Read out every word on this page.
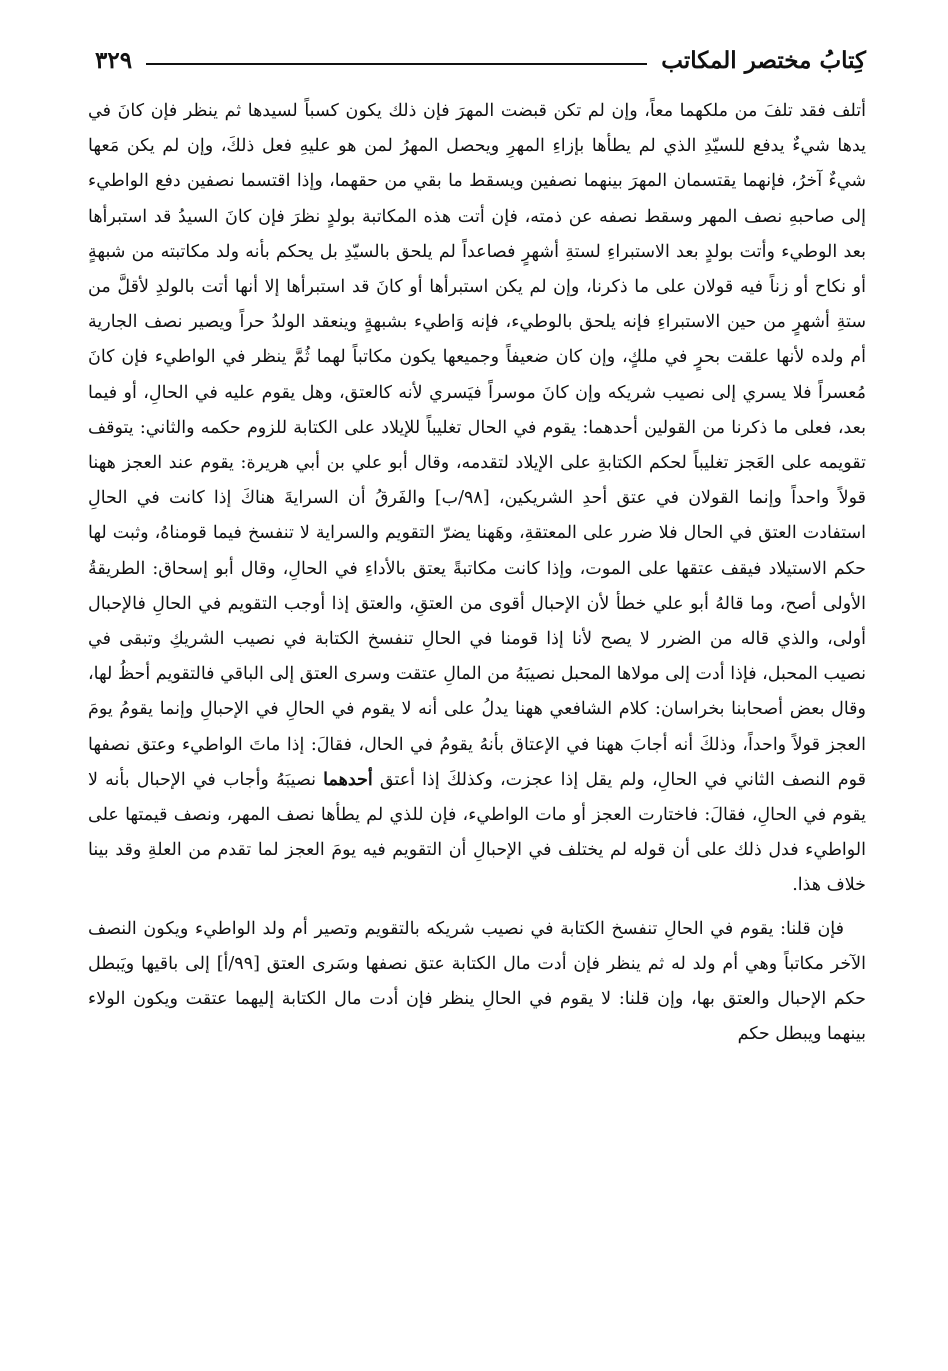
كِتابُ مختصر المكاتب
٣٢٩

أتلف فقد تلفَ من ملكهما معاً، وإن لم تكن قبضت المهرَ فإن ذلك يكون كسباً لسيدها ثم ينظر فإن كانَ في يدها شيءٌ يدفع للسيّدِ الذي لم يطأها بإزاءِ المهرِ ويحصل المهرُ لمن هو عليهِ فعل ذلكَ، وإن لم يكن مَعها شيءٌ آخرُ، فإنهما يقتسمان المهرَ بينهما نصفين ويسقط ما بقي من حقهما، وإذا اقتسما نصفين دفع الواطيء إلى صاحبهِ نصف المهر وسقط نصفه عن ذمته، فإن أتت هذه المكاتبة بولدٍ نظرَ فإن كانَ السيدُ قد استبرأها بعد الوطيء وأتت بولدٍ بعد الاستبراءِ لستةِ أشهرٍ فصاعداً لم يلحق بالسيّدِ بل يحكم بأنه ولد مكاتبته من شبهةٍ أو نكاح أو زناً فيه قولان على ما ذكرنا، وإن لم يكن استبرأها أو كانَ قد استبرأها إلا أنها أتت بالولدِ لأقلَّ من ستةِ أشهرٍ من حين الاستبراءِ فإنه يلحق بالوطيء، فإنه وَاطيء بشبهةٍ وينعقد الولدُ حراً ويصير نصف الجارية أم ولده لأنها علقت بحرٍ في ملكٍ، وإن كان ضعيفاً وجميعها يكون مكاتباً لهما ثُمَّ ينظر في الواطيء فإن كانَ مُعسراً فلا يسري إلى نصيب شريكه وإن كانَ موسراً فيَسري لأنه كالعتق، وهل يقوم عليه في الحالِ، أو فيما بعد، فعلى ما ذكرنا من القولين أحدهما: يقوم في الحال تغليباً للإيلاد على الكتابة للزوم حكمه والثاني: يتوقف تقويمه على العَجز تغليباً لحكم الكتابةِ على الإيلاد لتقدمه، وقال أبو علي بن أبي هريرة: يقوم عند العجز ههنا قولاً واحداً وإنما القولان في عتق أحدِ الشريكين، [٩٨/ب] والفَرقُ أن السرايةَ هناكَ إذا كانت في الحالِ استفادت العتق في الحال فلا ضرر على المعتقةِ، وهَهنا يضرّ التقويم والسراية لا تنفسخ فيما قومناهُ، وثبت لها حكم الاستيلاد فيقف عتقها على الموت، وإذا كانت مكاتبةً يعتق بالأداءِ في الحالِ، وقال أبو إسحاق: الطريقةُ الأولى أصح، وما قالهُ أبو علي خطأ لأن الإحبال أقوى من العتقِ، والعتق إذا أوجب التقويم في الحالِ فالإحبال أولى، والذي قاله من الضرر لا يصح لأنا إذا قومنا في الحالِ تنفسخ الكتابة في نصيب الشريكِ وتبقى في نصيب المحبل، فإذا أدت إلى مولاها المحبل نصيبَهُ من المالِ عتقت وسرى العتق إلى الباقي فالتقويم أحظُ لها، وقال بعض أصحابنا بخراسان: كلام الشافعي ههنا يدلُ على أنه لا يقوم في الحالِ في الإحبالِ وإنما يقومُ يومَ العجز قولاً واحداً، وذلكَ أنه أجابَ ههنا في الإعتاق بأنهُ يقومُ في الحال، فقالَ: إذا ماتَ الواطيء وعتق نصفها قوم النصف الثاني في الحالِ، ولم يقل إذا عجزت، وكذلكَ إذا أعتق أحدهما نصيبَهُ وأجاب في الإحبال بأنه لا يقوم في الحالِ، فقالَ: فاختارت العجز أو مات الواطيء، فإن للذي لم يطأها نصف المهر، ونصف قيمتها على الواطيء فدل ذلك على أن قوله لم يختلف في الإحبالِ أن التقويم فيه يومَ العجز لما تقدم من العلةِ وقد بينا خلاف هذا.

فإن قلنا: يقوم في الحالِ تنفسخ الكتابة في نصيب شريكه بالتقويم وتصير أم ولد الواطيء ويكون النصف الآخر مكاتباً وهي أم ولد له ثم ينظر فإن أدت مال الكتابة عتق نصفها وسَرى العتق [٩٩/أ] إلى باقيها ويَبطل حكم الإحبال والعتق بها، وإن قلنا: لا يقوم في الحالِ ينظر فإن أدت مال الكتابة إليهما عتقت ويكون الولاء بينهما ويبطل حكم
